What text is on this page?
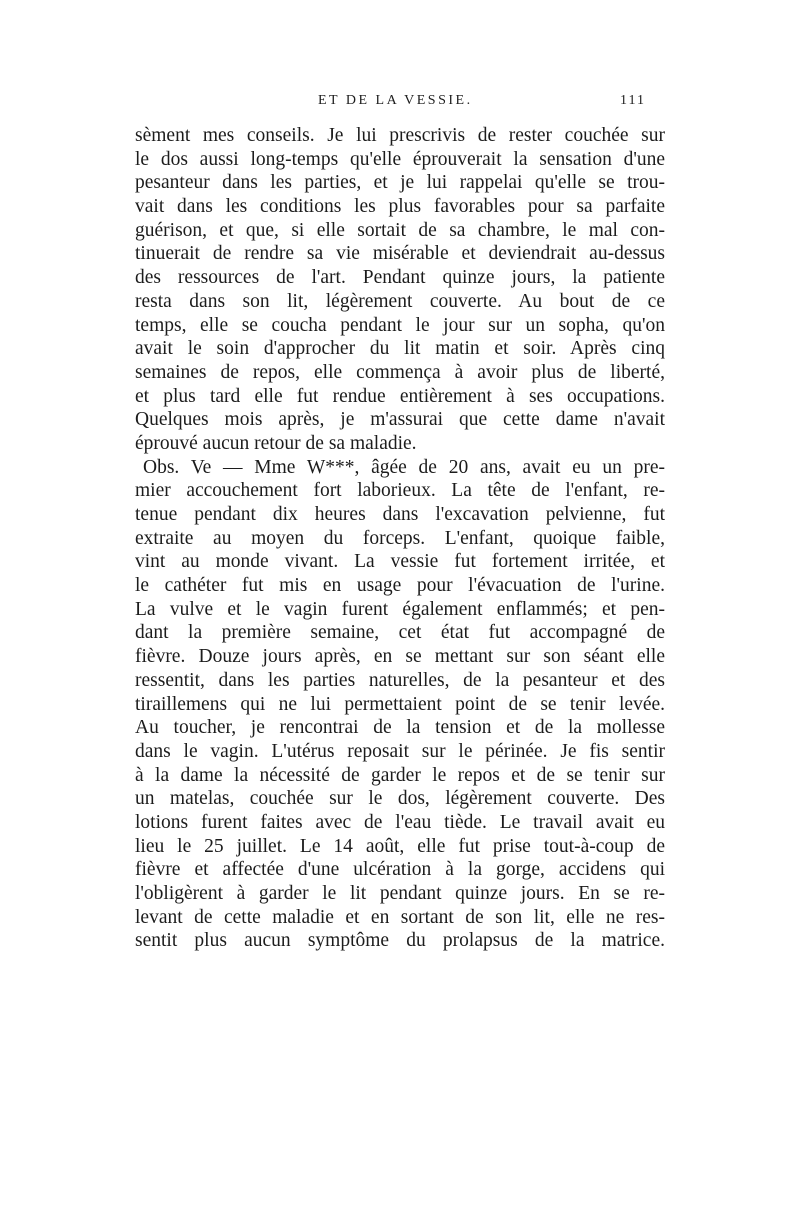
ET DE LA VESSIE.	111
sèment mes conseils. Je lui prescrivis de rester couchée sur
le dos aussi long-temps qu'elle éprouverait la sensation d'une
pesanteur dans les parties, et je lui rappelai qu'elle se trou-
vait dans les conditions les plus favorables pour sa parfaite
guérison, et que, si elle sortait de sa chambre, le mal con-
tinuerait de rendre sa vie misérable et deviendrait au-dessus
des ressources de l'art. Pendant quinze jours, la patiente
resta dans son lit, légèrement couverte. Au bout de ce
temps, elle se coucha pendant le jour sur un sopha, qu'on
avait le soin d'approcher du lit matin et soir. Après cinq
semaines de repos, elle commença à avoir plus de liberté,
et plus tard elle fut rendue entièrement à ses occupations.
Quelques mois après, je m'assurai que cette dame n'avait
éprouvé aucun retour de sa maladie.
Obs. Ve — Mme W***, âgée de 20 ans, avait eu un pre-
mier accouchement fort laborieux. La tête de l'enfant, re-
tenue pendant dix heures dans l'excavation pelvienne, fut
extraite au moyen du forceps. L'enfant, quoique faible,
vint au monde vivant. La vessie fut fortement irritée, et
le cathéter fut mis en usage pour l'évacuation de l'urine.
La vulve et le vagin furent également enflammés; et pen-
dant la première semaine, cet état fut accompagné de
fièvre. Douze jours après, en se mettant sur son séant elle
ressentit, dans les parties naturelles, de la pesanteur et des
tiraillemens qui ne lui permettaient point de se tenir levée.
Au toucher, je rencontrai de la tension et de la mollesse
dans le vagin. L'utérus reposait sur le périnée. Je fis sentir
à la dame la nécessité de garder le repos et de se tenir sur
un matelas, couchée sur le dos, légèrement couverte. Des
lotions furent faites avec de l'eau tiède. Le travail avait eu
lieu le 25 juillet. Le 14 août, elle fut prise tout-à-coup de
fièvre et affectée d'une ulcération à la gorge, accidens qui
l'obligèrent à garder le lit pendant quinze jours. En se re-
levant de cette maladie et en sortant de son lit, elle ne res-
sentit plus aucun symptôme du prolapsus de la matrice.
